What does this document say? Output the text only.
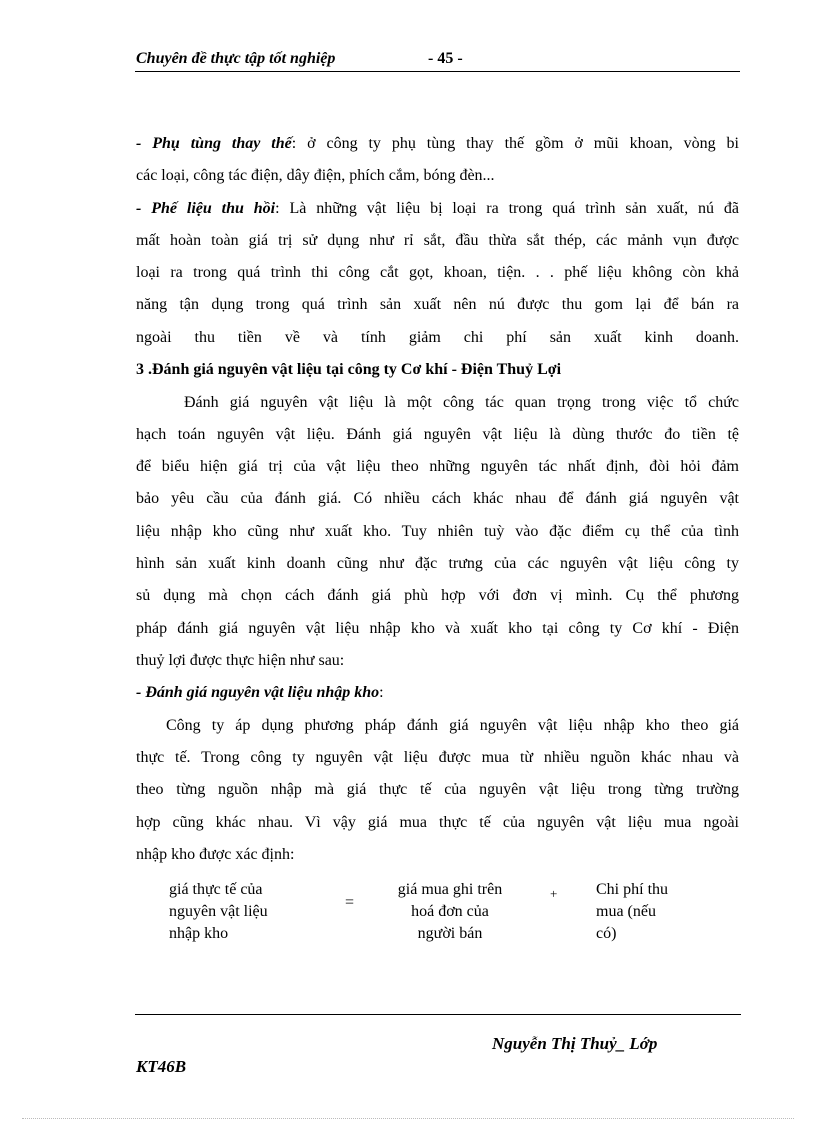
Chuyên đề thực tập tốt nghiệp	- 45 -
- Phụ tùng thay thế: ở công ty phụ tùng thay thế gồm ở mũi khoan, vòng bi
các loại, công tác điện, dây điện, phích cắm, bóng đèn...
- Phế liệu thu hồi: Là những vật liệu bị loại ra trong quá trình sản xuất, nú đã
mất hoàn toàn giá trị sử dụng như rỉ sắt, đầu thừa sắt thép, các mảnh vụn được
loại ra trong quá trình thi công cắt gọt, khoan, tiện. . . phế liệu không còn khả
năng tận dụng trong quá trình sản xuất nên nú được thu gom lại để bán ra
ngoài thu tiền về và tính giảm chi phí sản xuất kinh doanh.
3 .Đánh giá nguyên vật liệu tại công ty Cơ khí - Điện Thuỷ Lợi
Đánh giá nguyên vật liệu là một công tác quan trọng trong việc tổ chức
hạch toán nguyên vật liệu. Đánh giá nguyên vật liệu là dùng thước đo tiền tệ
để biểu hiện giá trị của vật liệu theo những nguyên tác nhất định, đòi hỏi đảm
bảo yêu cầu của đánh giá. Có nhiều cách khác nhau để đánh giá nguyên vật
liệu nhập kho cũng như xuất kho. Tuy nhiên tuỳ vào đặc điểm cụ thể của tình
hình sản xuất kinh doanh cũng như đặc trưng của các nguyên vật liệu công ty
sủ dụng mà chọn cách đánh giá phù hợp với đơn vị mình. Cụ thể phương
pháp đánh giá nguyên vật liệu nhập kho và xuất kho tại công ty Cơ khí - Điện
thuỷ lợi được thực hiện như sau:
- Đánh giá nguyên vật liệu nhập kho:
Công ty áp dụng phương pháp đánh giá nguyên vật liệu nhập kho theo giá
thực tế. Trong công ty nguyên vật liệu được mua từ nhiều nguồn khác nhau và
theo từng nguồn nhập mà giá thực tế của nguyên vật liệu trong từng trường
hợp cũng khác nhau. Vì vậy giá mua thực tế của nguyên vật liệu mua ngoài
nhập kho được xác định:
giá thực tế của
nguyên vật liệu
nhập kho
=
giá mua ghi trên
hoá đơn của
người bán
+ Chi phí thu
mua (nếu
có)
Nguyễn Thị Thuỷ_ Lớp
KT46B
